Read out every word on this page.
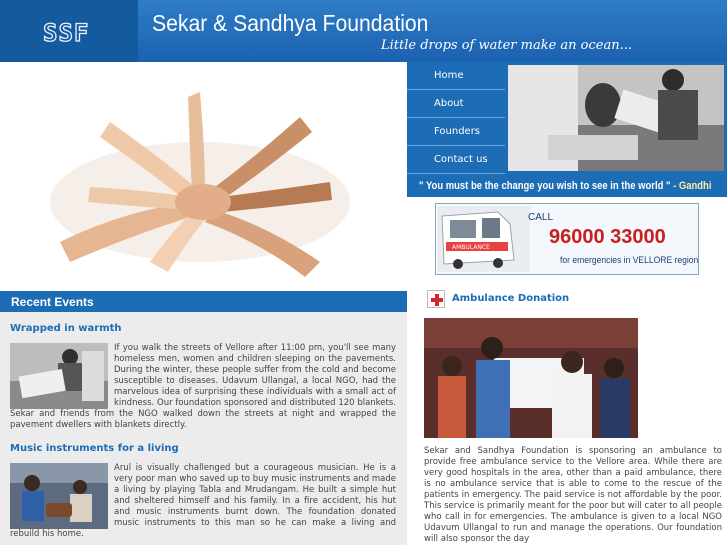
SSF	Sekar & Sandhya Foundation
Little drops of water make an ocean...
Home
About
Founders
Contact us
" You must be the change you wish to see in the world " - Gandhi
AMBULANCE
CALL
96000 33000
for emergencies in VELLORE region
Recent Events
Wrapped in warmth
If you walk the streets of Vellore after 11:00 pm, you'll see many homeless men, women and children sleeping on the pavements. During the winter, these people suffer from the cold and become susceptible to diseases. Udavum Ullangal, a local NGO, had the marvelous idea of surprising these individuals with a small act of kindness. Our foundation sponsored and distributed 120 blankets. Sekar and friends from the NGO walked down the streets at night and wrapped the pavement dwellers with blankets directly.
Music instruments for a living
Arul is visually challenged but a courageous musician. He is a very poor man who saved up to buy music instruments and made a living by playing Tabla and Mrudangam. He built a simple hut and sheltered himself and his family. In a fire accident, his hut and music instruments burnt down. The foundation donated music instruments to this man so he can make a living and rebuild his home.
Ambulance Donation
Sekar and Sandhya Foundation is sponsoring an ambulance to provide free ambulance service to the Vellore area. While there are very good hospitals in the area, other than a paid ambulance, there is no ambulance service that is able to come to the rescue of the patients in emergency. The paid service is not affordable by the poor. This service is primarily meant for the poor but will cater to all people who call in for emergencies. The ambulance is given to a local NGO Udavum Ullangal to run and manage the operations. Our foundation will also sponsor the day
